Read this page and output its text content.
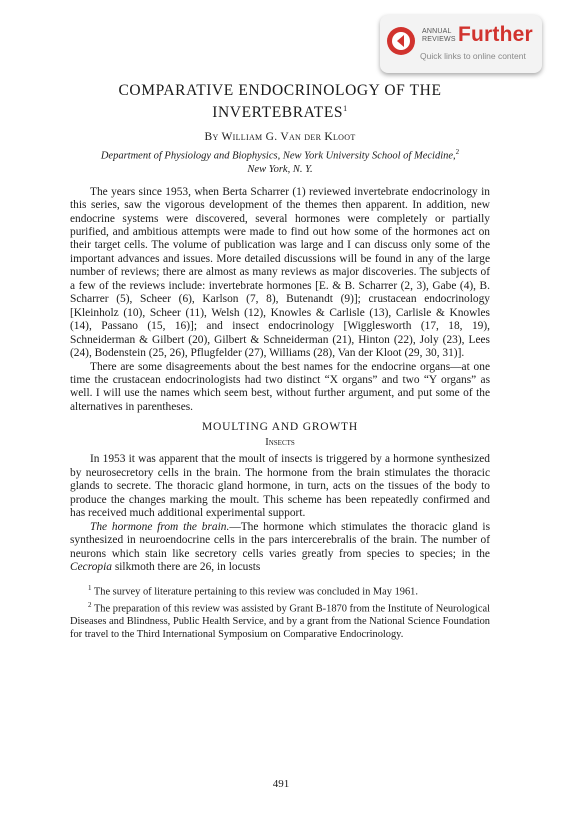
ANNUAL
REVIEWS Further
Quick links to online content
COMPARATIVE ENDOCRINOLOGY OF THE
INVERTEBRATES$^1$
By William G. Van der Kloot
Department of Physiology and Biophysics, New York University School of Mecidine,$^2$
New York, N. Y.

The years since 1953, when Berta Scharrer (1) reviewed invertebrate endocrinology in this series, saw the vigorous development of the themes then apparent. In addition, new endocrine systems were discovered, several hormones were completely or partially purified, and ambitious attempts were made to find out how some of the hormones act on their target cells. The volume of publication was large and I can discuss only some of the important advances and issues. More detailed discussions will be found in any of the large number of reviews; there are almost as many reviews as major discoveries. The subjects of a few of the reviews include: invertebrate hormones [E. & B. Scharrer (2, 3), Gabe (4), B. Scharrer (5), Scheer (6), Karlson (7, 8), Butenandt (9)]; crustacean endocrinology [Kleinholz (10), Scheer (11), Welsh (12), Knowles & Carlisle (13), Carlisle & Knowles (14), Passano (15, 16)]; and insect endocrinology [Wigglesworth (17, 18, 19), Schneiderman & Gilbert (20), Gilbert & Schneiderman (21), Hinton (22), Joly (23), Lees (24), Bodenstein (25, 26), Pflugfelder (27), Williams (28), Van der Kloot (29, 30, 31)].

There are some disagreements about the best names for the endocrine organs—at one time the crustacean endocrinologists had two distinct “X organs” and two “Y organs” as well. I will use the names which seem best, without further argument, and put some of the alternatives in parentheses.

MOULTING AND GROWTH
Insects

In 1953 it was apparent that the moult of insects is triggered by a hormone synthesized by neurosecretory cells in the brain. The hormone from the brain stimulates the thoracic glands to secrete. The thoracic gland hormone, in turn, acts on the tissues of the body to produce the changes marking the moult. This scheme has been repeatedly confirmed and has received much additional experimental support.

The hormone from the brain.—The hormone which stimulates the thoracic gland is synthesized in neuroendocrine cells in the pars intercerebralis of the brain. The number of neurons which stain like secretory cells varies greatly from species to species; in the Cecropia silkmoth there are 26, in locusts

$^1$ The survey of literature pertaining to this review was concluded in May 1961.

$^2$ The preparation of this review was assisted by Grant B-1870 from the Institute of Neurological Diseases and Blindness, Public Health Service, and by a grant from the National Science Foundation for travel to the Third International Symposium on Comparative Endocrinology.

491
